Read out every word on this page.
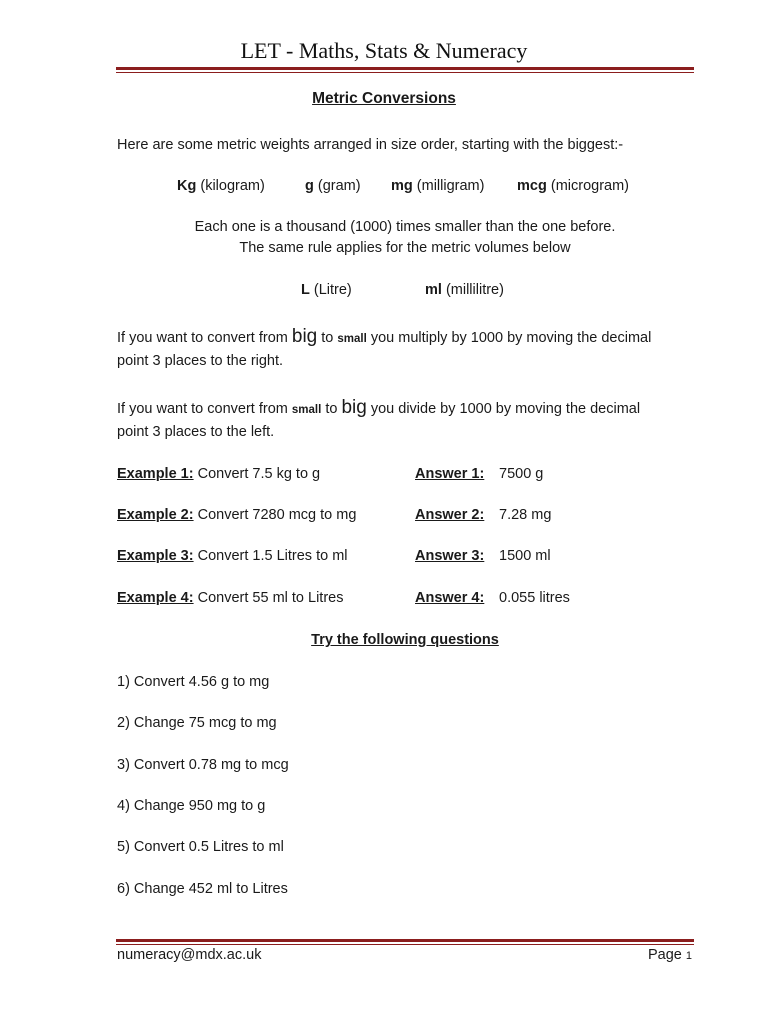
LET - Maths, Stats & Numeracy
Metric Conversions
Here are some metric weights arranged in size order, starting with the biggest:-
Kg (kilogram)	g (gram) mg (milligram) mcg (microgram)
Each one is a thousand (1000) times smaller than the one before.
The same rule applies for the metric volumes below
L (Litre)	ml (millilitre)
If you want to convert from big to small you multiply by 1000 by moving the decimal
point 3 places to the right.
If you want to convert from small to big you divide by 1000 by moving the decimal
point 3 places to the left.
Example 1: Convert 7.5 kg to g	Answer 1: 7500 g
Example 2: Convert 7280 mcg to mg	Answer 2: 7.28 mg
Example 3: Convert 1.5 Litres to ml	Answer 3: 1500 ml
Example 4: Convert 55 ml to Litres	Answer 4: 0.055 litres
Try the following questions
1) Convert 4.56 g to mg
2) Change 75 mcg to mg
3) Convert 0.78 mg to mcg
4) Change 950 mg to g
5) Convert 0.5 Litres to ml
6) Change 452 ml to Litres
numeracy@mdx.ac.uk	Page 1
